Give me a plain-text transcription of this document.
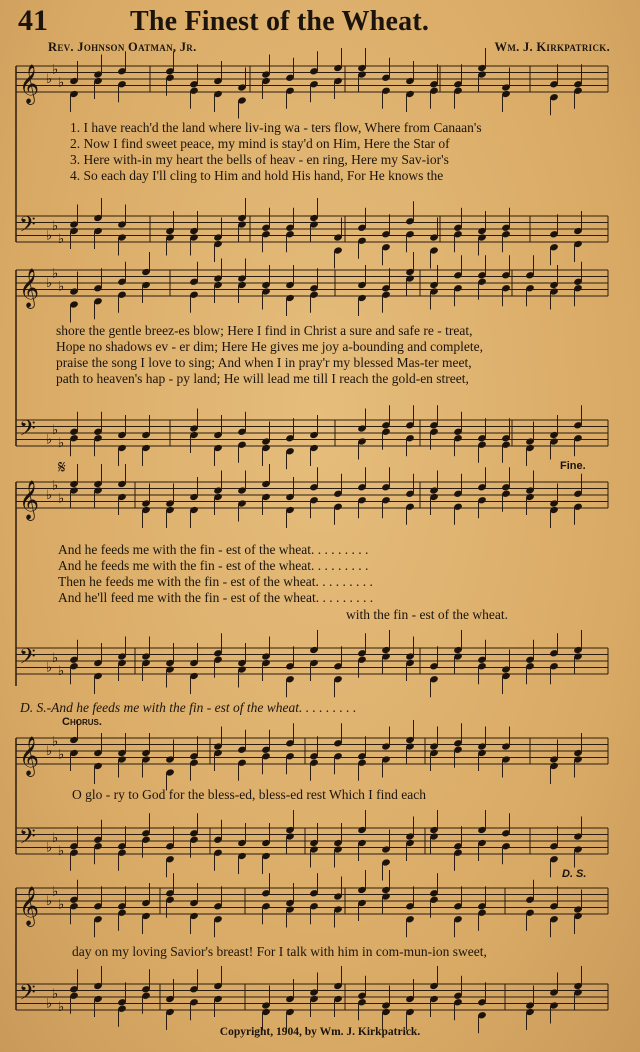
41	The Finest of the Wheat.
Rev. Johnson Oatman, Jr.	Wm. J. Kirkpatrick.
𝄞 ♭
♭
♭
𝄢 ♭
♭
♭
𝄞 ♭
♭
♭
𝄢 ♭
♭
♭
𝄞 ♭
♭
♭
𝄢 ♭
♭
♭
𝄋
𝄞 ♭
♭
♭
𝄢 ♭
♭
♭
𝄞 ♭
♭
♭
𝄢 ♭
♭
♭
1. I have reach'd the land where liv-ing wa - ters flow, Where from Canaan's
2. Now I find sweet peace, my mind is stay'd on Him, Here the Star of
3. Here with-in my heart the bells of heav - en ring, Here my Sav-ior's
4. So each day I'll cling to Him and hold His hand, For He knows the
shore the gentle breez-es blow; Here I find in Christ a sure and safe re - treat,
Hope no shadows ev - er dim; Here He gives me joy a-bounding and complete,
praise the song I love to sing; And when I in pray'r my blessed Mas-ter meet,
path to heaven's hap - py land; He will lead me till I reach the gold-en street,
Fine.
And he feeds me with the fin - est of the wheat. . . . . . . . .
And he feeds me with the fin - est of the wheat. . . . . . . . .
Then he feeds me with the fin - est of the wheat. . . . . . . . .
And he'll feed me with the fin - est of the wheat. . . . . . . . .
with the fin - est of the wheat.
D. S.-And he feeds me with the fin - est of the wheat. . . . . . . . .
Chorus.
O glo - ry to God for the bless-ed, bless-ed rest Which I find each
D. S.
day on my loving Savior's breast! For I talk with him in com-mun-ion sweet,
Copyright, 1904, by Wm. J. Kirkpatrick.
